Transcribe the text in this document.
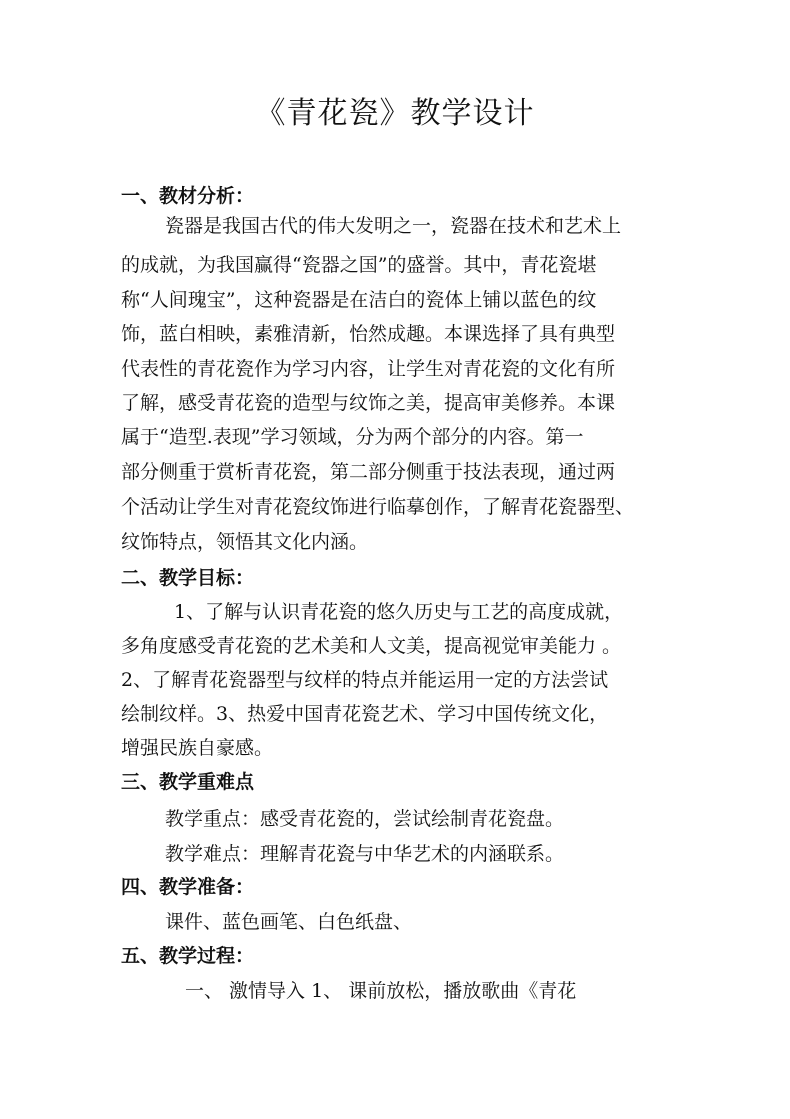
《青花瓷》教学设计
一、教材分析：
瓷器是我国古代的伟大发明之一，瓷器在技术和艺术上
的成就，为我国赢得“瓷器之国”的盛誉。其中，青花瓷堪
称“人间瑰宝”，这种瓷器是在洁白的瓷体上铺以蓝色的纹
饰，蓝白相映，素雅清新，怡然成趣。本课选择了具有典型
代表性的青花瓷作为学习内容，让学生对青花瓷的文化有所
了解，感受青花瓷的造型与纹饰之美，提高审美修养。本课
属于“造型.表现”学习领域，分为两个部分的内容。第一
部分侧重于赏析青花瓷，第二部分侧重于技法表现，通过两
个活动让学生对青花瓷纹饰进行临摹创作，了解青花瓷器型、
纹饰特点，领悟其文化内涵。
二、教学目标：
1、了解与认识青花瓷的悠久历史与工艺的高度成就，
多角度感受青花瓷的艺术美和人文美，提高视觉审美能力 。
2、了解青花瓷器型与纹样的特点并能运用一定的方法尝试
绘制纹样。3、热爱中国青花瓷艺术、学习中国传统文化，
增强民族自豪感。
三、教学重难点
教学重点：感受青花瓷的，尝试绘制青花瓷盘。
教学难点：理解青花瓷与中华艺术的内涵联系。
四、教学准备：
课件、蓝色画笔、白色纸盘、
五、教学过程：
一、 激情导入 1、 课前放松，播放歌曲《青花
